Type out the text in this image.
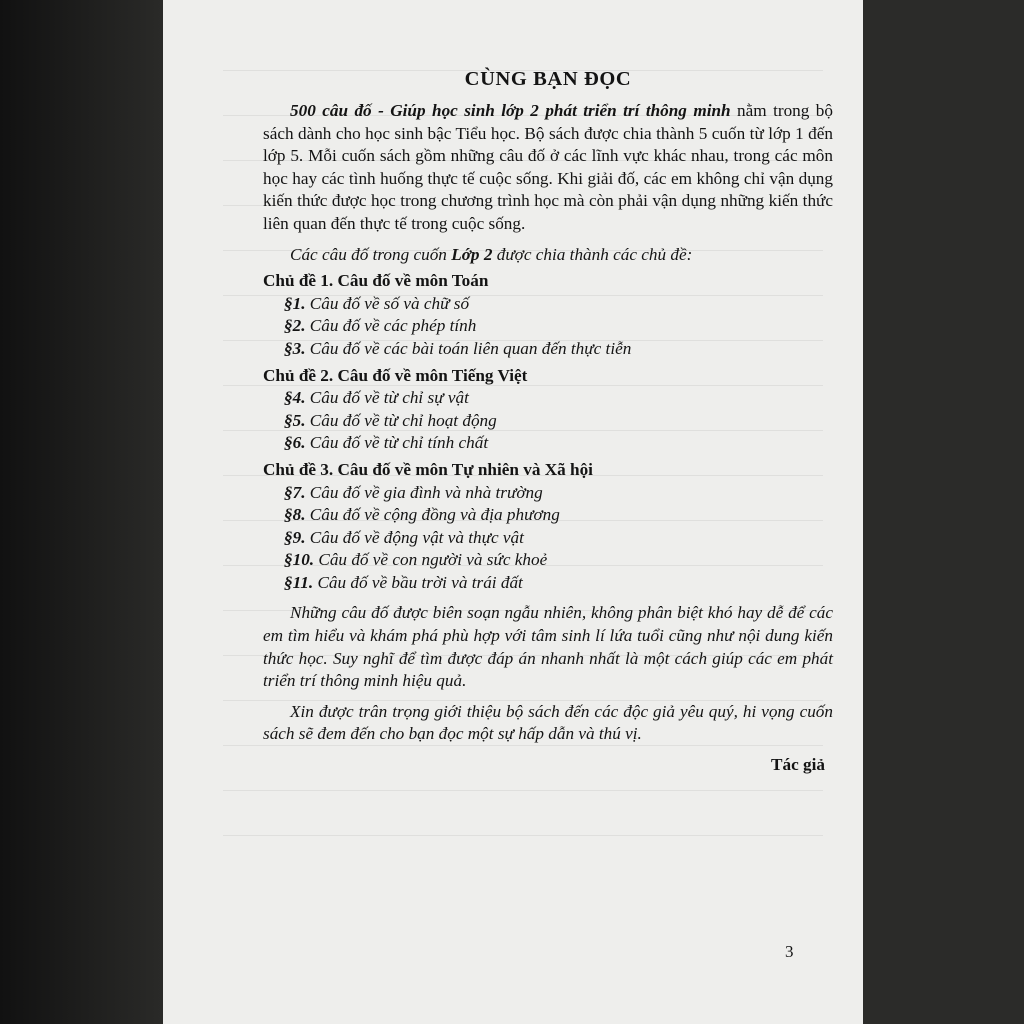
CÙNG BẠN ĐỌC

500 câu đố - Giúp học sinh lớp 2 phát triển trí thông minh nằm trong bộ sách dành cho học sinh bậc Tiểu học. Bộ sách được chia thành 5 cuốn từ lớp 1 đến lớp 5. Mỗi cuốn sách gồm những câu đố ở các lĩnh vực khác nhau, trong các môn học hay các tình huống thực tế cuộc sống. Khi giải đố, các em không chỉ vận dụng kiến thức được học trong chương trình học mà còn phải vận dụng những kiến thức liên quan đến thực tế trong cuộc sống.

Các câu đố trong cuốn Lớp 2 được chia thành các chủ đề:

Chủ đề 1. Câu đố về môn Toán
§1. Câu đố về số và chữ số
§2. Câu đố về các phép tính
§3. Câu đố về các bài toán liên quan đến thực tiễn
Chủ đề 2. Câu đố về môn Tiếng Việt
§4. Câu đố về từ chỉ sự vật
§5. Câu đố về từ chỉ hoạt động
§6. Câu đố về từ chỉ tính chất
Chủ đề 3. Câu đố về môn Tự nhiên và Xã hội
§7. Câu đố về gia đình và nhà trường
§8. Câu đố về cộng đồng và địa phương
§9. Câu đố về động vật và thực vật
§10. Câu đố về con người và sức khoẻ
§11. Câu đố về bầu trời và trái đất

Những câu đố được biên soạn ngẫu nhiên, không phân biệt khó hay dễ để các em tìm hiểu và khám phá phù hợp với tâm sinh lí lứa tuổi cũng như nội dung kiến thức học. Suy nghĩ để tìm được đáp án nhanh nhất là một cách giúp các em phát triển trí thông minh hiệu quả.

Xin được trân trọng giới thiệu bộ sách đến các độc giả yêu quý, hi vọng cuốn sách sẽ đem đến cho bạn đọc một sự hấp dẫn và thú vị.

Tác giả
3
